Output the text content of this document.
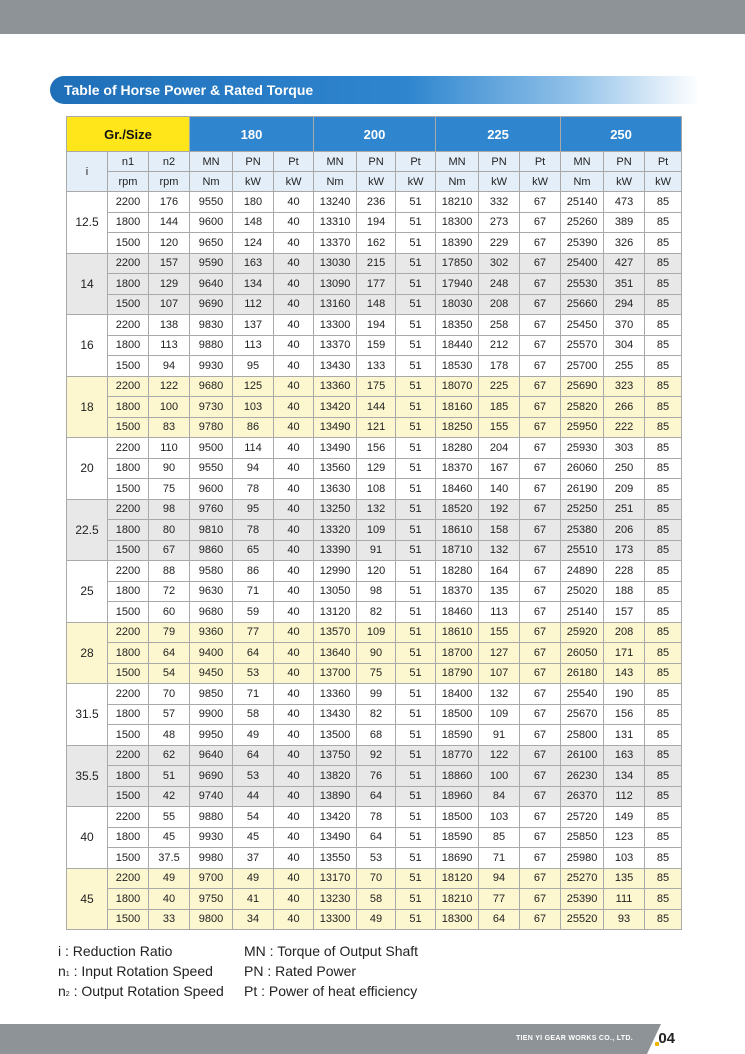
Table of Horse Power & Rated Torque
Gr./Size			180			200			225			250		
i	n1	n2	MN	PN	Pt	MN	PN	Pt	MN	PN	Pt	MN	PN	Pt
	rpm	rpm	Nm	kW	kW	Nm	kW	kW	Nm	kW	kW	Nm	kW	kW
12.5	2200	176	9550	180	40	13240	236	51	18210	332	67	25140	473	85
	1800	144	9600	148	40	13310	194	51	18300	273	67	25260	389	85
	1500	120	9650	124	40	13370	162	51	18390	229	67	25390	326	85
14	2200	157	9590	163	40	13030	215	51	17850	302	67	25400	427	85
	1800	129	9640	134	40	13090	177	51	17940	248	67	25530	351	85
	1500	107	9690	112	40	13160	148	51	18030	208	67	25660	294	85
16	2200	138	9830	137	40	13300	194	51	18350	258	67	25450	370	85
	1800	113	9880	113	40	13370	159	51	18440	212	67	25570	304	85
	1500	94	9930	95	40	13430	133	51	18530	178	67	25700	255	85
18	2200	122	9680	125	40	13360	175	51	18070	225	67	25690	323	85
	1800	100	9730	103	40	13420	144	51	18160	185	67	25820	266	85
	1500	83	9780	86	40	13490	121	51	18250	155	67	25950	222	85
20	2200	110	9500	114	40	13490	156	51	18280	204	67	25930	303	85
	1800	90	9550	94	40	13560	129	51	18370	167	67	26060	250	85
	1500	75	9600	78	40	13630	108	51	18460	140	67	26190	209	85
22.5	2200	98	9760	95	40	13250	132	51	18520	192	67	25250	251	85
	1800	80	9810	78	40	13320	109	51	18610	158	67	25380	206	85
	1500	67	9860	65	40	13390	91	51	18710	132	67	25510	173	85
25	2200	88	9580	86	40	12990	120	51	18280	164	67	24890	228	85
	1800	72	9630	71	40	13050	98	51	18370	135	67	25020	188	85
	1500	60	9680	59	40	13120	82	51	18460	113	67	25140	157	85
28	2200	79	9360	77	40	13570	109	51	18610	155	67	25920	208	85
	1800	64	9400	64	40	13640	90	51	18700	127	67	26050	171	85
	1500	54	9450	53	40	13700	75	51	18790	107	67	26180	143	85
31.5	2200	70	9850	71	40	13360	99	51	18400	132	67	25540	190	85
	1800	57	9900	58	40	13430	82	51	18500	109	67	25670	156	85
	1500	48	9950	49	40	13500	68	51	18590	91	67	25800	131	85
35.5	2200	62	9640	64	40	13750	92	51	18770	122	67	26100	163	85
	1800	51	9690	53	40	13820	76	51	18860	100	67	26230	134	85
	1500	42	9740	44	40	13890	64	51	18960	84	67	26370	112	85
40	2200	55	9880	54	40	13420	78	51	18500	103	67	25720	149	85
	1800	45	9930	45	40	13490	64	51	18590	85	67	25850	123	85
	1500	37.5	9980	37	40	13550	53	51	18690	71	67	25980	103	85
45	2200	49	9700	49	40	13170	70	51	18120	94	67	25270	135	85
	1800	40	9750	41	40	13230	58	51	18210	77	67	25390	111	85
	1500	33	9800	34	40	13300	49	51	18300	64	67	25520	93	85
i : Reduction Ratio
n1 : Input Rotation Speed
n2 : Output Rotation Speed
MN : Torque of Output Shaft
PN : Rated Power
Pt : Power of heat efficiency
TIEN YI GEAR WORKS CO., LTD. 04
